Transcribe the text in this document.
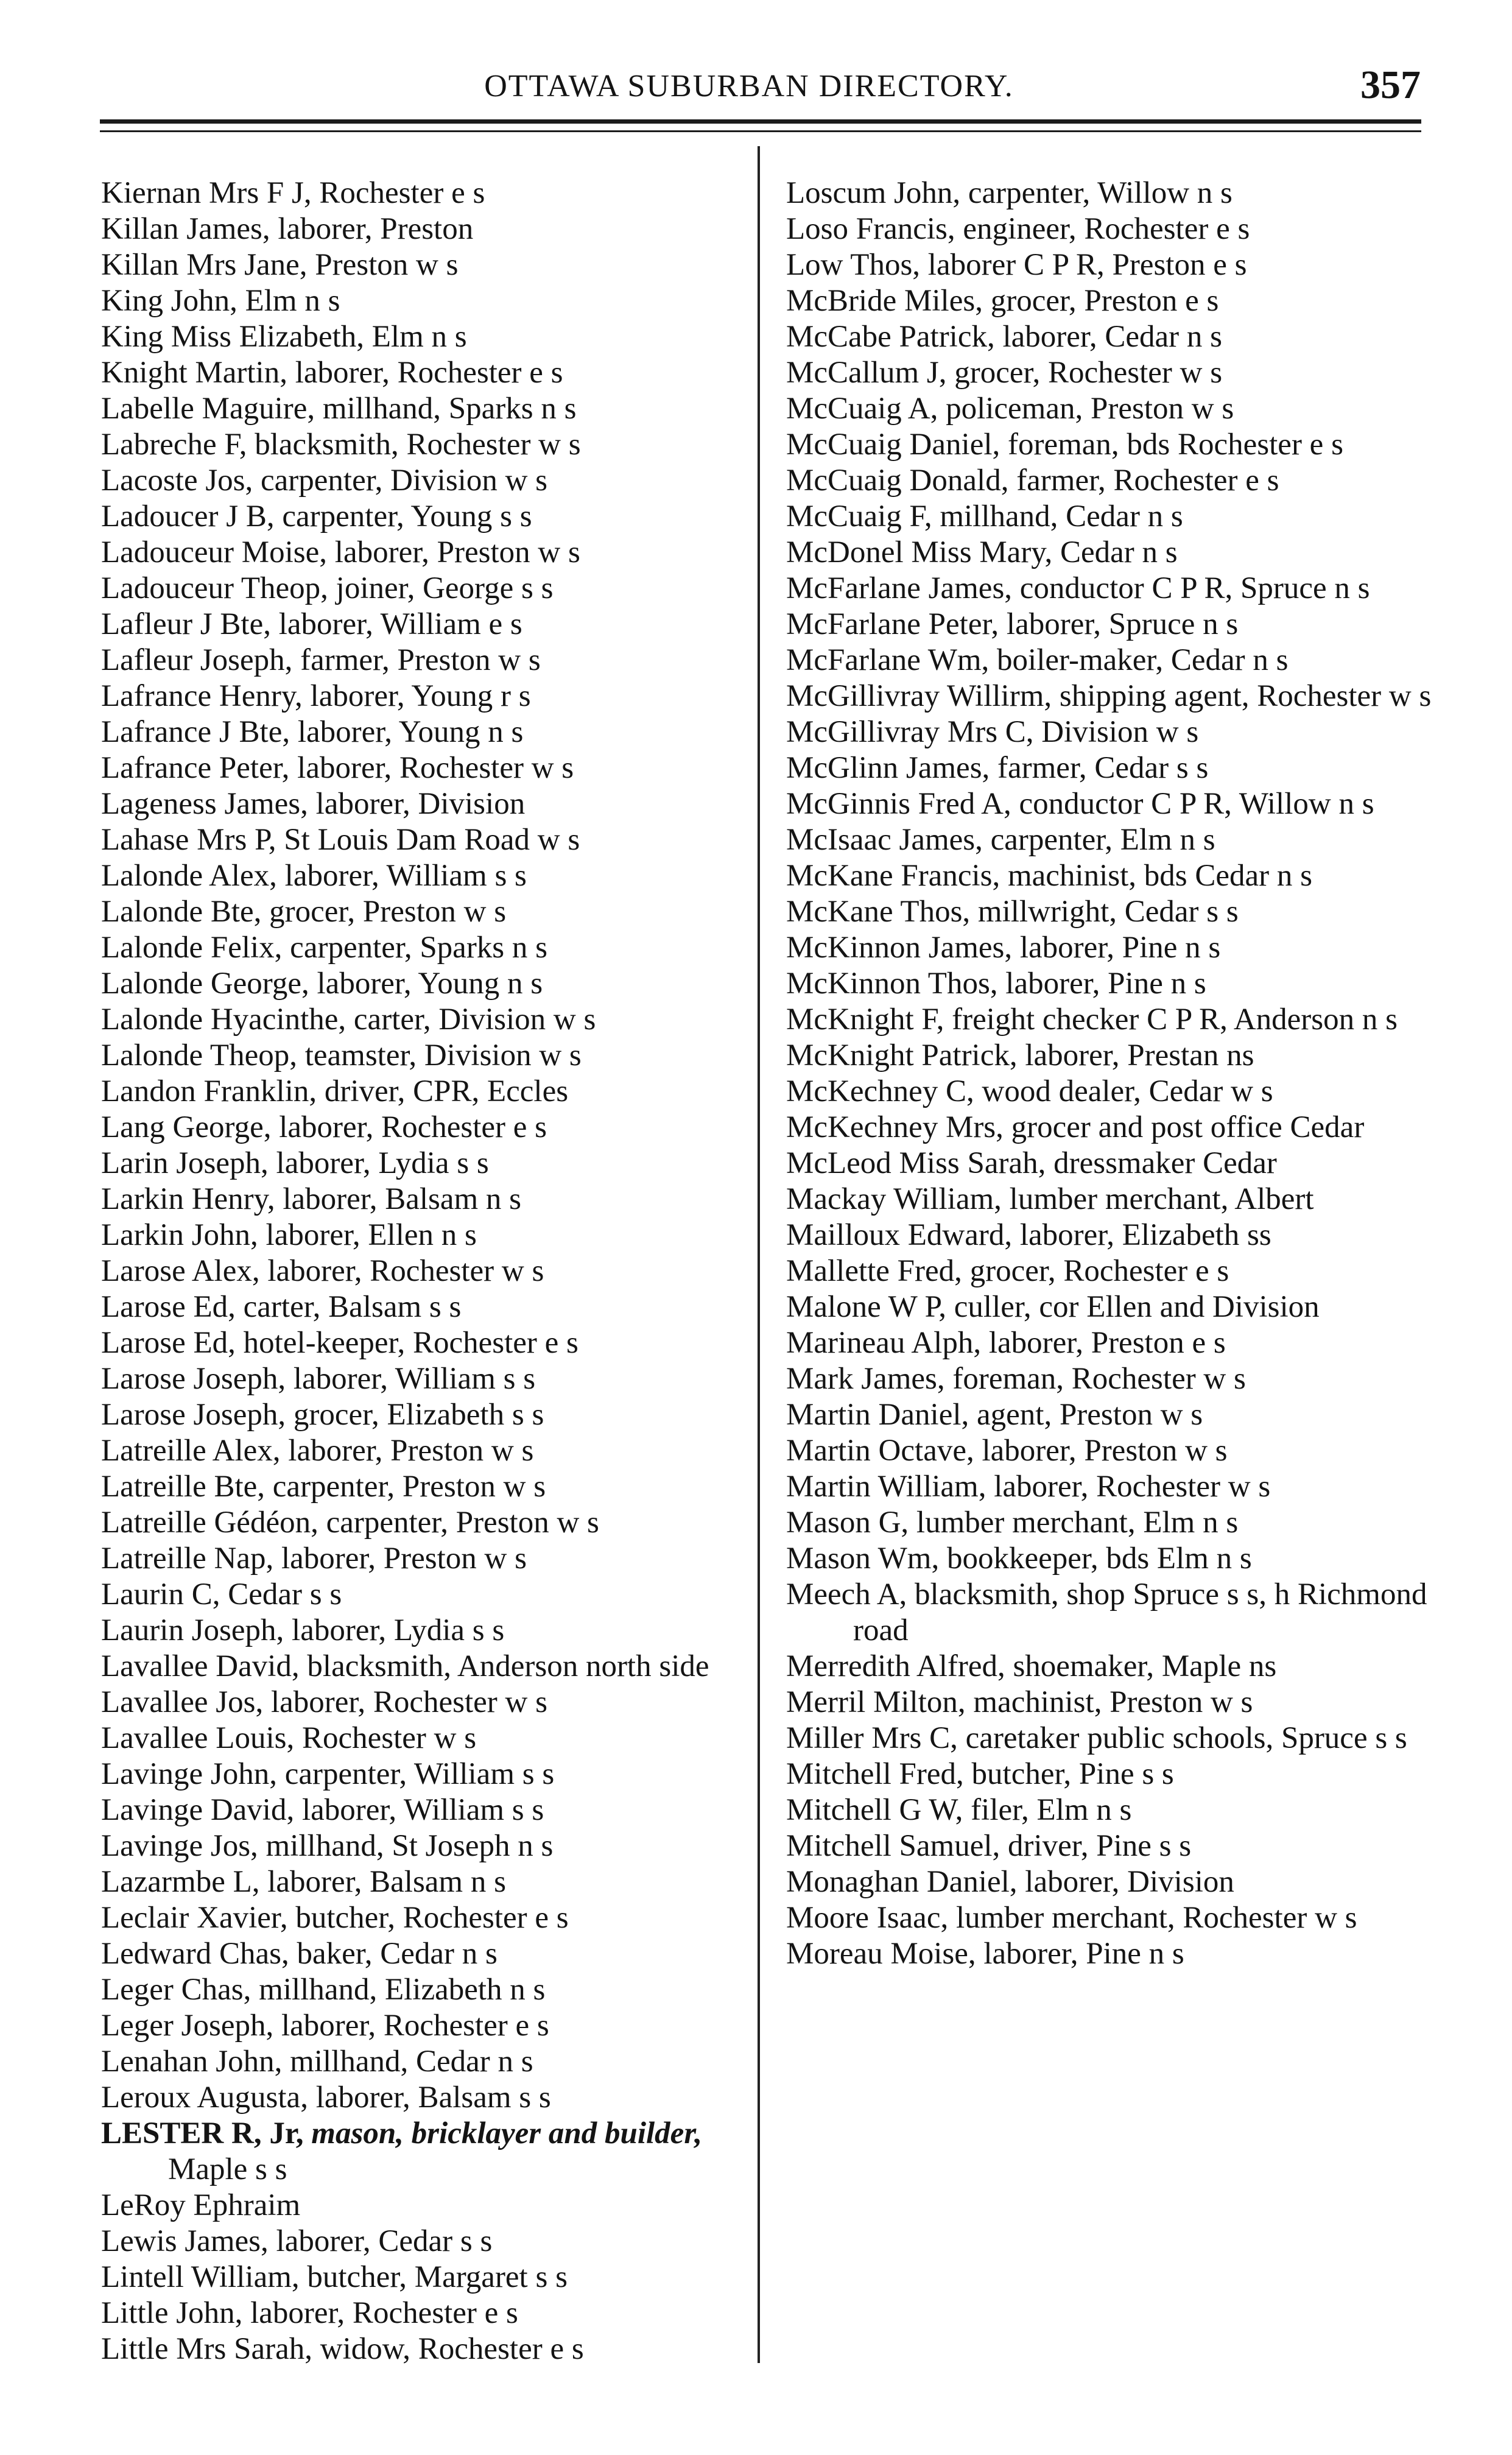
OTTAWA SUBURBAN DIRECTORY.	357
Kiernan Mrs F J, Rochester e s
Killan James, laborer, Preston
Killan Mrs Jane, Preston w s
King John, Elm n s
King Miss Elizabeth, Elm n s
Knight Martin, laborer, Rochester e s
Labelle Maguire, millhand, Sparks n s
Labreche F, blacksmith, Rochester w s
Lacoste Jos, carpenter, Division w s
Ladoucer J B, carpenter, Young s s
Ladouceur Moise, laborer, Preston w s
Ladouceur Theop, joiner, George s s
Lafleur J Bte, laborer, William e s
Lafleur Joseph, farmer, Preston w s
Lafrance Henry, laborer, Young r s
Lafrance J Bte, laborer, Young n s
Lafrance Peter, laborer, Rochester w s
Lageness James, laborer, Division
Lahase Mrs P, St Louis Dam Road w s
Lalonde Alex, laborer, William s s
Lalonde Bte, grocer, Preston w s
Lalonde Felix, carpenter, Sparks n s
Lalonde George, laborer, Young n s
Lalonde Hyacinthe, carter, Division w s
Lalonde Theop, teamster, Division w s
Landon Franklin, driver, CPR, Eccles
Lang George, laborer, Rochester e s
Larin Joseph, laborer, Lydia s s
Larkin Henry, laborer, Balsam n s
Larkin John, laborer, Ellen n s
Larose Alex, laborer, Rochester w s
Larose Ed, carter, Balsam s s
Larose Ed, hotel-keeper, Rochester e s
Larose Joseph, laborer, William s s
Larose Joseph, grocer, Elizabeth s s
Latreille Alex, laborer, Preston w s
Latreille Bte, carpenter, Preston w s
Latreille Gédéon, carpenter, Preston w s
Latreille Nap, laborer, Preston w s
Laurin C, Cedar s s
Laurin Joseph, laborer, Lydia s s
Lavallee David, blacksmith, Anderson north side
Lavallee Jos, laborer, Rochester w s
Lavallee Louis, Rochester w s
Lavinge John, carpenter, William s s
Lavinge David, laborer, William s s
Lavinge Jos, millhand, St Joseph n s
Lazarmbe L, laborer, Balsam n s
Leclair Xavier, butcher, Rochester e s
Ledward Chas, baker, Cedar n s
Leger Chas, millhand, Elizabeth n s
Leger Joseph, laborer, Rochester e s
Lenahan John, millhand, Cedar n s
Leroux Augusta, laborer, Balsam s s
LESTER R, Jr, mason, bricklayer and builder, Maple s s
LeRoy Ephraim
Lewis James, laborer, Cedar s s
Lintell William, butcher, Margaret s s
Little John, laborer, Rochester e s
Little Mrs Sarah, widow, Rochester e s
Loscum John, carpenter, Willow n s
Loso Francis, engineer, Rochester e s
Low Thos, laborer C P R, Preston e s
McBride Miles, grocer, Preston e s
McCabe Patrick, laborer, Cedar n s
McCallum J, grocer, Rochester w s
McCuaig A, policeman, Preston w s
McCuaig Daniel, foreman, bds Rochester e s
McCuaig Donald, farmer, Rochester e s
McCuaig F, millhand, Cedar n s
McDonel Miss Mary, Cedar n s
McFarlane James, conductor C P R, Spruce n s
McFarlane Peter, laborer, Spruce n s
McFarlane Wm, boiler-maker, Cedar n s
McGillivray Willirm, shipping agent, Rochester w s
McGillivray Mrs C, Division w s
McGlinn James, farmer, Cedar s s
McGinnis Fred A, conductor C P R, Willow n s
McIsaac James, carpenter, Elm n s
McKane Francis, machinist, bds Cedar n s
McKane Thos, millwright, Cedar s s
McKinnon James, laborer, Pine n s
McKinnon Thos, laborer, Pine n s
McKnight F, freight checker C P R, Anderson n s
McKnight Patrick, laborer, Prestan ns
McKechney C, wood dealer, Cedar w s
McKechney Mrs, grocer and post office Cedar
McLeod Miss Sarah, dressmaker Cedar
Mackay William, lumber merchant, Albert
Mailloux Edward, laborer, Elizabeth ss
Mallette Fred, grocer, Rochester e s
Malone W P, culler, cor Ellen and Division
Marineau Alph, laborer, Preston e s
Mark James, foreman, Rochester w s
Martin Daniel, agent, Preston w s
Martin Octave, laborer, Preston w s
Martin William, laborer, Rochester w s
Mason G, lumber merchant, Elm n s
Mason Wm, bookkeeper, bds Elm n s
Meech A, blacksmith, shop Spruce s s, h Richmond road
Merredith Alfred, shoemaker, Maple ns
Merril Milton, machinist, Preston w s
Miller Mrs C, caretaker public schools, Spruce s s
Mitchell Fred, butcher, Pine s s
Mitchell G W, filer, Elm n s
Mitchell Samuel, driver, Pine s s
Monaghan Daniel, laborer, Division
Moore Isaac, lumber merchant, Rochester w s
Moreau Moise, laborer, Pine n s
